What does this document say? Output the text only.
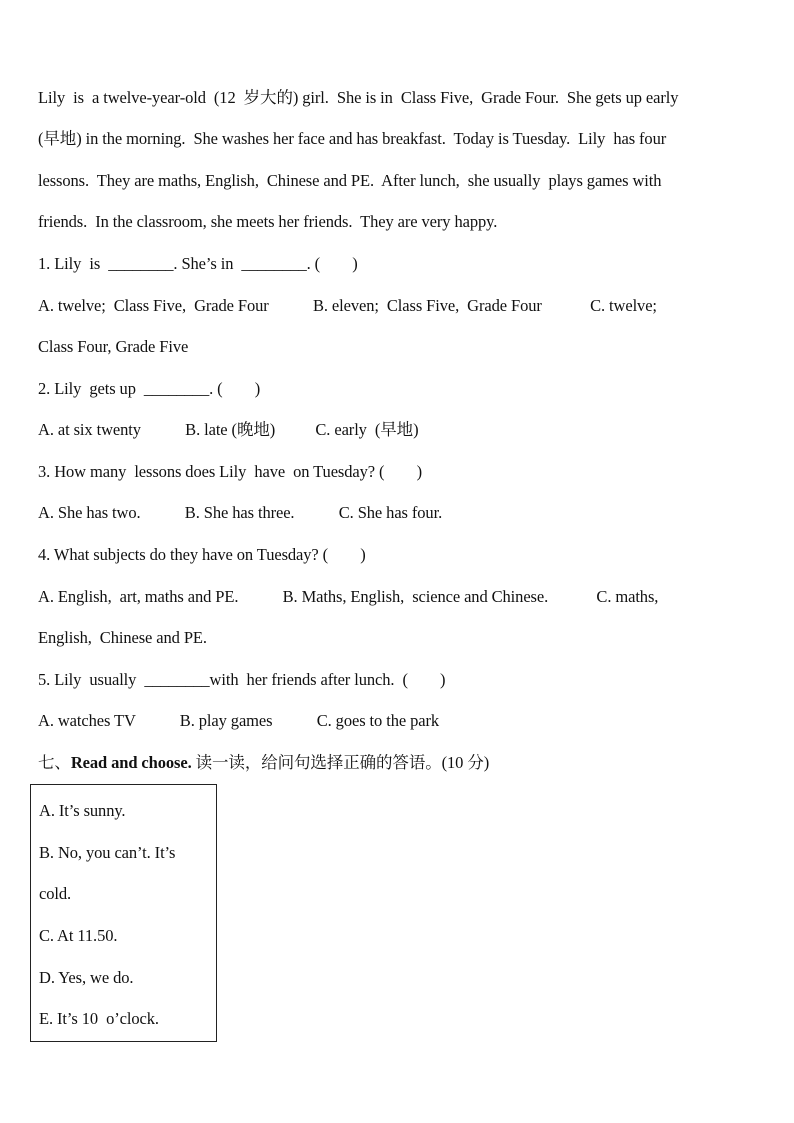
Lily  is  a twelve-year-old  (12  岁大的) girl.  She is in  Class Five,  Grade Four.  She gets up early
(早地) in the morning.  She washes her face and has breakfast.  Today is Tuesday.  Lily  has four
lessons.  They are maths, English,  Chinese and PE.  After lunch,  she usually  plays games with
friends.  In the classroom, she meets her friends.  They are very happy.
1. Lily  is  ________. She’s in  ________. (        )
A. twelve;  Class Five,  Grade Four           B. eleven;  Class Five,  Grade Four            C. twelve;
Class Four, Grade Five
2. Lily  gets up  ________. (        )
A. at six twenty           B. late (晚地)          C. early  (早地)
3. How many  lessons does Lily  have  on Tuesday? (        )
A. She has two.           B. She has three.           C. She has four.
4. What subjects do they have on Tuesday? (        )
A. English,  art, maths and PE.           B. Maths, English,  science and Chinese.            C. maths,
English,  Chinese and PE.
5. Lily  usually  ________with  her friends after lunch.  (        )
A. watches TV           B. play games           C. goes to the park
七、Read and choose. 读一读，给问句选择正确的答语。(10 分)
A. It’s sunny.
B. No, you can’t. It’s
cold.
C. At 11.50.
D. Yes, we do.
E. It’s 10  o’clock.
